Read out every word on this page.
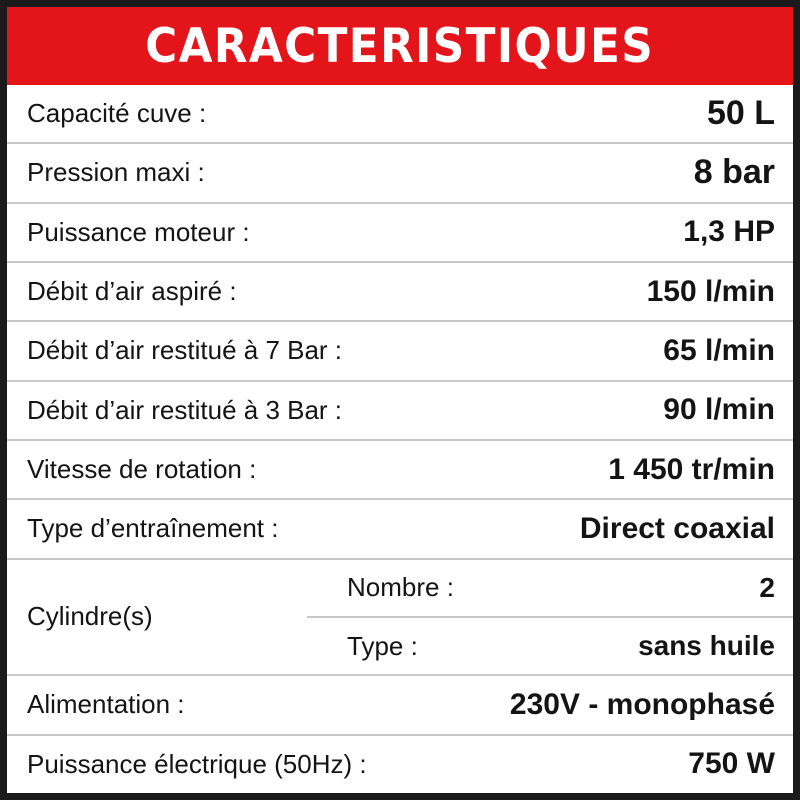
CARACTERISTIQUES
Capacité cuve :	50 L
Pression maxi :	8 bar
Puissance moteur :	1,3 HP
Débit d’air aspiré :	150 l/min
Débit d’air restitué à 7 Bar :	65 l/min
Débit d’air restitué à 3 Bar :	90 l/min
Vitesse de rotation :	1 450 tr/min
Type d’entraînement :	Direct coaxial
Cylindre(s)
Nombre :	2
Type :	sans huile
Alimentation :	230V - monophasé
Puissance électrique (50Hz) :	750 W
